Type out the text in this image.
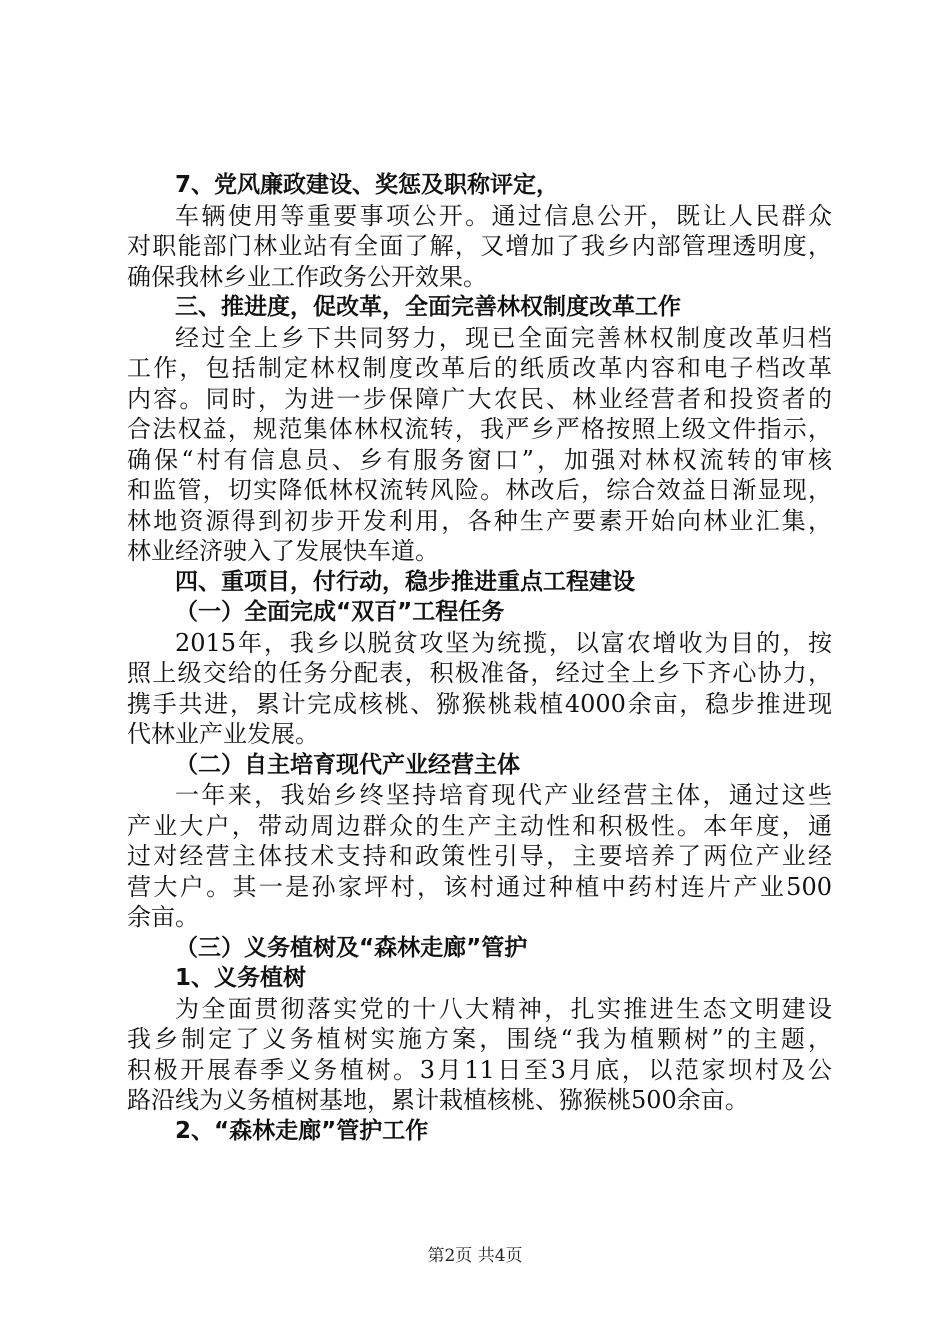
7、党风廉政建设、奖惩及职称评定，
车辆使用等重要事项公开。通过信息公开，既让人民群众
对职能部门林业站有全面了解，又增加了我乡内部管理透明度，
确保我林乡业工作政务公开效果。
三、推进度，促改革，全面完善林权制度改革工作
经过全上乡下共同努力，现已全面完善林权制度改革归档
工作，包括制定林权制度改革后的纸质改革内容和电子档改革
内容。同时，为进一步保障广大农民、林业经营者和投资者的
合法权益，规范集体林权流转，我严乡严格按照上级文件指示，
确保“村有信息员、乡有服务窗口”，加强对林权流转的审核
和监管，切实降低林权流转风险。林改后，综合效益日渐显现，
林地资源得到初步开发利用，各种生产要素开始向林业汇集，
林业经济驶入了发展快车道。
四、重项目，付行动，稳步推进重点工程建设
（一）全面完成“双百”工程任务
2015年，我乡以脱贫攻坚为统揽，以富农增收为目的，按
照上级交给的任务分配表，积极准备，经过全上乡下齐心协力，
携手共进，累计完成核桃、猕猴桃栽植4000余亩，稳步推进现
代林业产业发展。
（二）自主培育现代产业经营主体
一年来，我始乡终坚持培育现代产业经营主体，通过这些
产业大户，带动周边群众的生产主动性和积极性。本年度，通
过对经营主体技术支持和政策性引导，主要培养了两位产业经
营大户。其一是孙家坪村，该村通过种植中药村连片产业500
余亩。
（三）义务植树及“森林走廊”管护
1、义务植树
为全面贯彻落实党的十八大精神，扎实推进生态文明建设
我乡制定了义务植树实施方案，围绕“我为植颗树”的主题，
积极开展春季义务植树。3月11日至3月底，以范家坝村及公
路沿线为义务植树基地，累计栽植核桃、猕猴桃500余亩。
2、“森林走廊”管护工作
第2页 共4页
